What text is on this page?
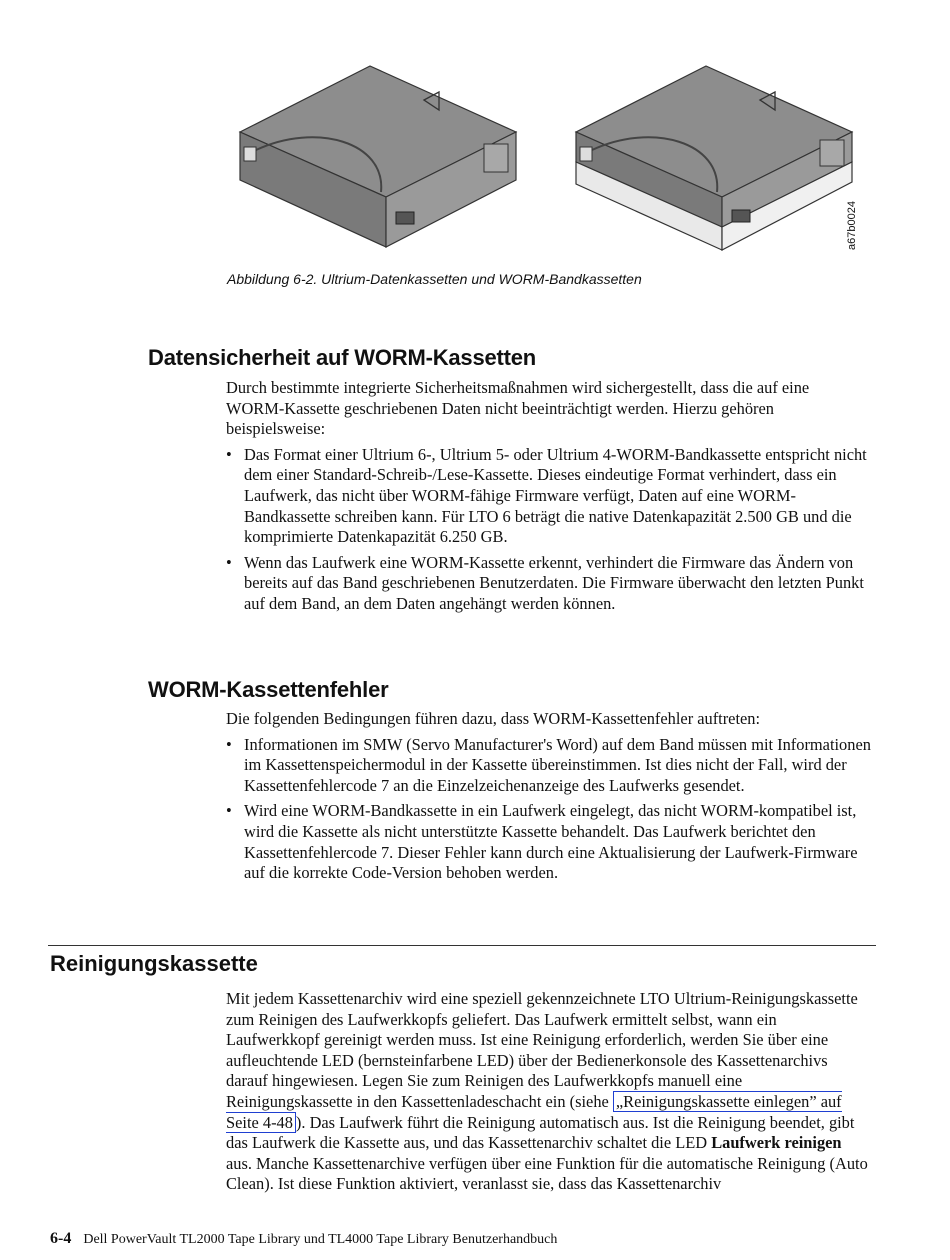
a67b0024
Abbildung 6-2. Ultrium-Datenkassetten und WORM-Bandkassetten
Datensicherheit auf WORM-Kassetten

Durch bestimmte integrierte Sicherheitsmaßnahmen wird sichergestellt, dass die auf eine WORM-Kassette geschriebenen Daten nicht beeinträchtigt werden. Hierzu gehören beispielsweise:

• Das Format einer Ultrium 6-, Ultrium 5- oder Ultrium 4-WORM-Bandkassette entspricht nicht dem einer Standard-Schreib-/Lese-Kassette. Dieses eindeutige Format verhindert, dass ein Laufwerk, das nicht über WORM-fähige Firmware verfügt, Daten auf eine WORM-Bandkassette schreiben kann. Für LTO 6 beträgt die native Datenkapazität 2.500 GB und die komprimierte Datenkapazität 6.250 GB.
• Wenn das Laufwerk eine WORM-Kassette erkennt, verhindert die Firmware das Ändern von bereits auf das Band geschriebenen Benutzerdaten. Die Firmware überwacht den letzten Punkt auf dem Band, an dem Daten angehängt werden können.
WORM-Kassettenfehler

Die folgenden Bedingungen führen dazu, dass WORM-Kassettenfehler auftreten:

• Informationen im SMW (Servo Manufacturer's Word) auf dem Band müssen mit Informationen im Kassettenspeichermodul in der Kassette übereinstimmen. Ist dies nicht der Fall, wird der Kassettenfehlercode 7 an die Einzelzeichenanzeige des Laufwerks gesendet.
• Wird eine WORM-Bandkassette in ein Laufwerk eingelegt, das nicht WORM-kompatibel ist, wird die Kassette als nicht unterstützte Kassette behandelt. Das Laufwerk berichtet den Kassettenfehlercode 7. Dieser Fehler kann durch eine Aktualisierung der Laufwerk-Firmware auf die korrekte Code-Version behoben werden.
Reinigungskassette

Mit jedem Kassettenarchiv wird eine speziell gekennzeichnete LTO Ultrium-Reinigungskassette zum Reinigen des Laufwerkkopfs geliefert. Das Laufwerk ermittelt selbst, wann ein Laufwerkkopf gereinigt werden muss. Ist eine Reinigung erforderlich, werden Sie über eine aufleuchtende LED (bernsteinfarbene LED) über der Bedienerkonsole des Kassettenarchivs darauf hingewiesen. Legen Sie zum Reinigen des Laufwerkkopfs manuell eine Reinigungskassette in den Kassettenladeschacht ein (siehe „Reinigungskassette einlegen” auf Seite 4-48 ). Das Laufwerk führt die Reinigung automatisch aus. Ist die Reinigung beendet, gibt das Laufwerk die Kassette aus, und das Kassettenarchiv schaltet die LED Laufwerk reinigen aus. Manche Kassettenarchive verfügen über eine Funktion für die automatische Reinigung (Auto Clean). Ist diese Funktion aktiviert, veranlasst sie, dass das Kassettenarchiv

6-4 Dell PowerVault TL2000 Tape Library und TL4000 Tape Library Benutzerhandbuch
